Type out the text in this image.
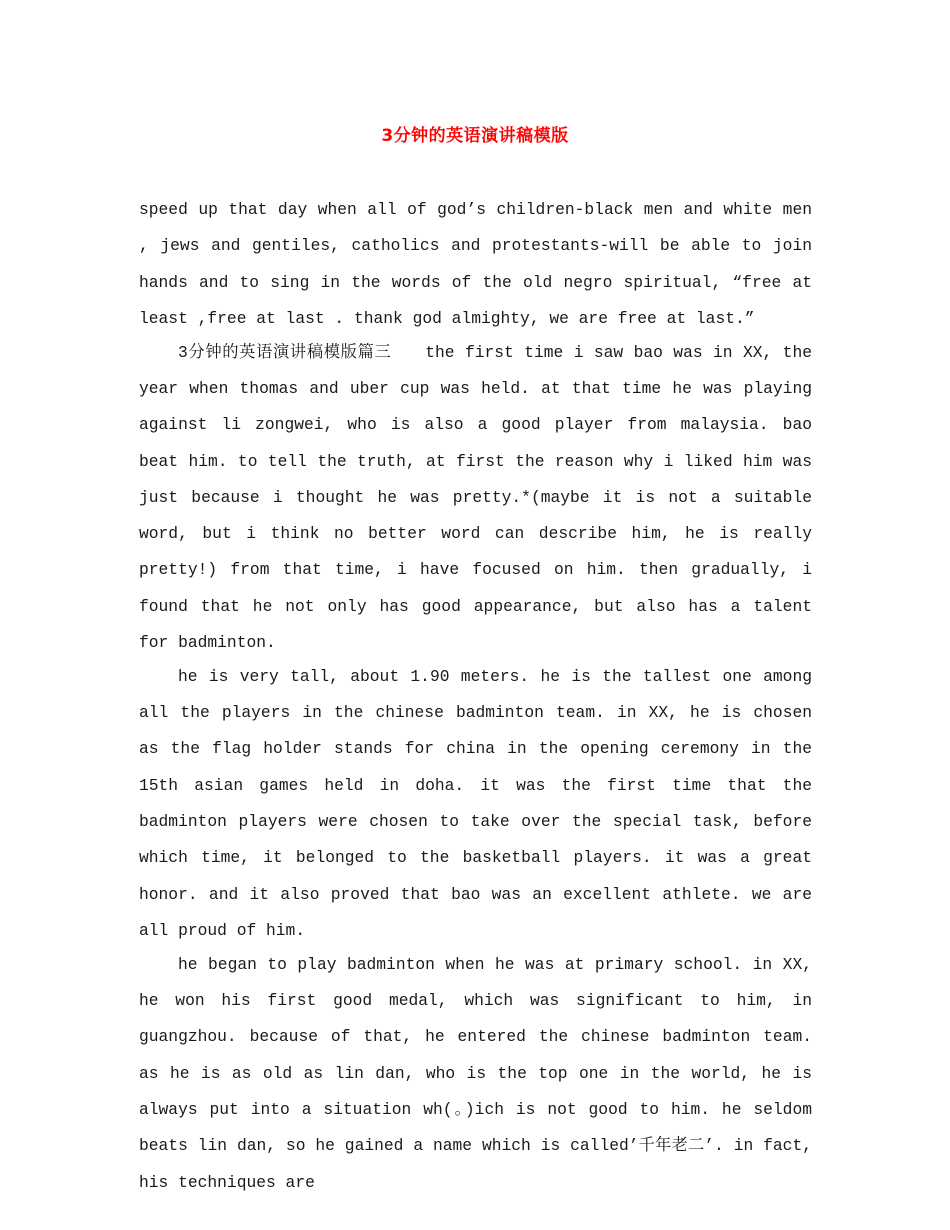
3分钟的英语演讲稿模版

speed up that day when all of god’s children-black men and white men , jews and gentiles, catholics and protestants-will be able to join hands and to sing in the words of the old negro spiritual, “free at least ,free at last . thank god almighty, we are free at last.”

3分钟的英语演讲稿模版篇三　　the first time i saw bao was in XX, the year when thomas and uber cup was held. at that time he was playing against li zongwei, who is also a good player from malaysia. bao beat him. to tell the truth, at first the reason why i liked him was just because i thought he was pretty.*(maybe it is not a suitable word, but i think no better word can describe him, he is really pretty!) from that time, i have focused on him. then gradually, i found that he not only has good appearance, but also has a talent for badminton.

he is very tall, about 1.90 meters. he is the tallest one among all the players in the chinese badminton team. in XX, he is chosen as the flag holder stands for china in the opening ceremony in the 15th asian games held in doha. it was the first time that the badminton players were chosen to take over the special task, before which time, it belonged to the basketball players. it was a great honor. and it also proved that bao was an excellent athlete. we are all proud of him.

he began to play badminton when he was at primary school. in XX, he won his first good medal, which was significant to him, in guangzhou. because of that, he entered the chinese badminton team. as he is as old as lin dan, who is the top one in the world, he is always put into a situation wh(。)ich is not good to him. he seldom beats lin dan, so he gained a name which is called’千年老二’. in fact, his techniques are
